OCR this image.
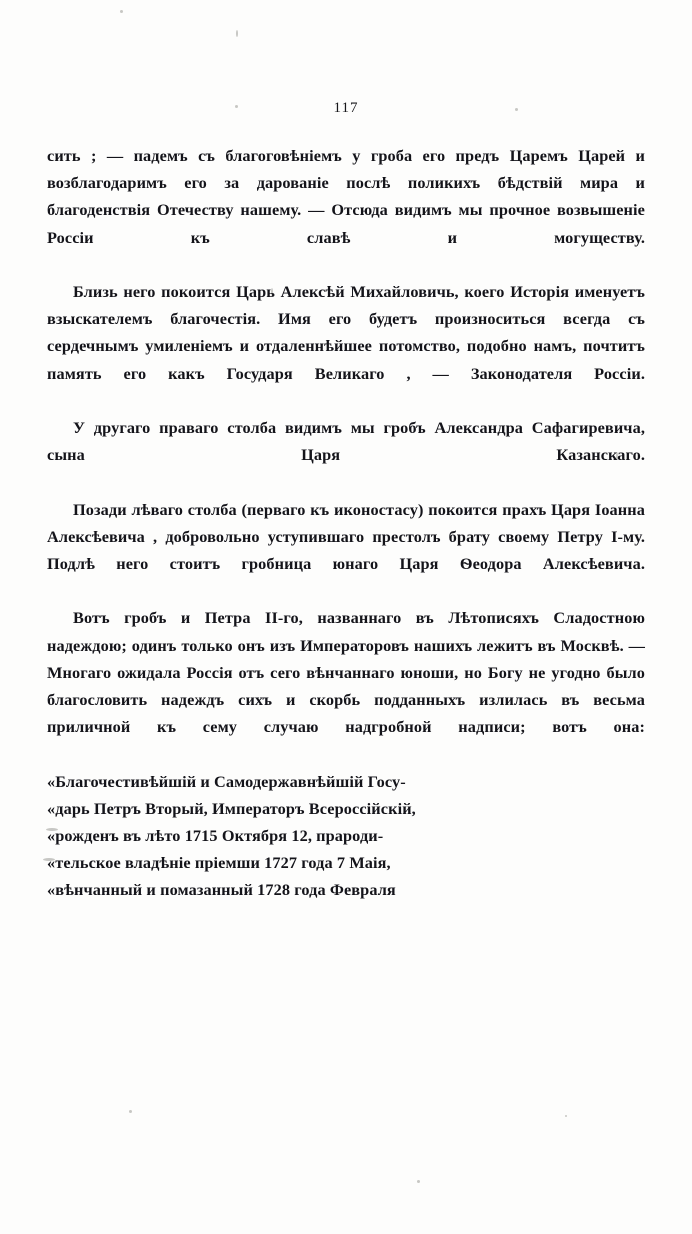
117

сить ; — падемъ съ благоговѣніемъ у гроба его предъ Царемъ Царей и возблагодаримъ его за дарованіе послѣ поликихъ бѣдствій мира и благоденствія Отечеству нашему. — Отсюда видимъ мы прочное возвышеніе Россіи къ славѣ и могуществу.

Близь него покоится Царь Алексѣй Михайловичь, коего Исторія именуетъ взыскателемъ благочестія. Имя его будетъ произноситься всегда съ сердечнымъ умиленіемъ и отдаленнѣйшее потомство, подобно намъ, почтитъ память его какъ Государя Великаго , — Законодателя Россіи.

У другаго праваго столба видимъ мы гробъ Александра Сафагиревича, сына Царя Казанскаго.

Позади лѣваго столба (перваго къ иконостасу) покоится прахъ Царя Іоанна Алексѣевича , добровольно уступившаго престолъ брату своему Петру I-му. Подлѣ него стоитъ гробница юнаго Царя Ѳеодора Алексѣевича.

Вотъ гробъ и Петра II-го, названнаго въ Лѣтописяхъ Сладостною надеждою; одинъ только онъ изъ Императоровъ нашихъ лежитъ въ Москвѣ. — Многаго ожидала Россія отъ сего вѣнчаннаго юноши, но Богу не угодно было благословить надеждъ сихъ и скорбь подданныхъ излилась въ весьма приличной къ сему случаю надгробной надписи; вотъ она:

«Благочестивѣйшій и Самодержавнѣйшій Госу-

«дарь Петръ Вторый, Императоръ Всероссійскій,

«рожденъ въ лѣто 1715 Октября 12, прароди-

«тельское владѣніе пріемши 1727 года 7 Маія,

«вѣнчанный и помазанный 1728 года Февраля
